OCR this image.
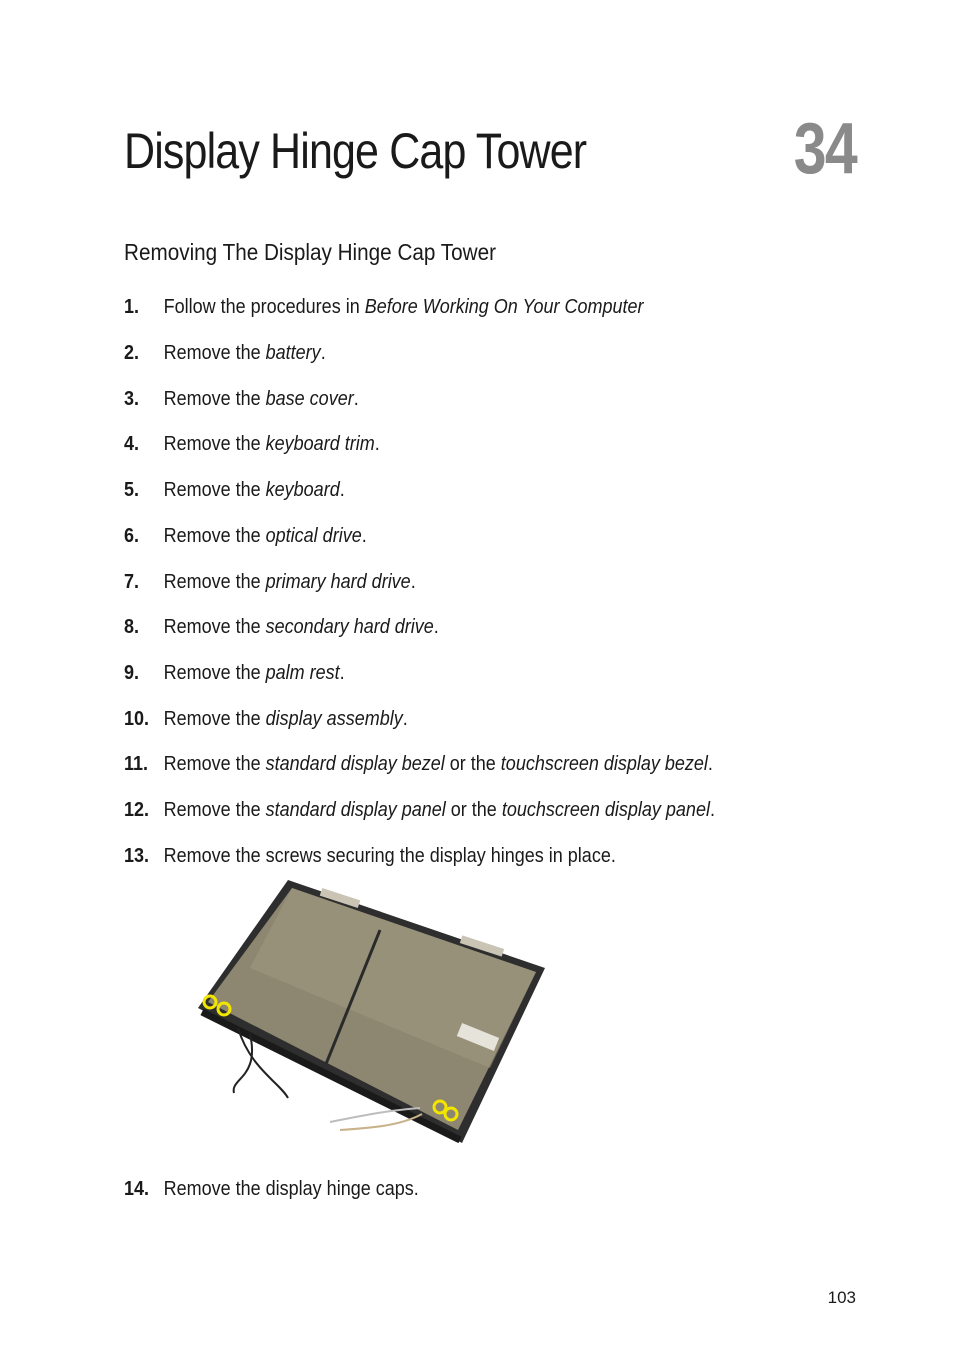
Display Hinge Cap Tower	34
Removing The Display Hinge Cap Tower
1. Follow the procedures in Before Working On Your Computer
2. Remove the battery.
3. Remove the base cover.
4. Remove the keyboard trim.
5. Remove the keyboard.
6. Remove the optical drive.
7. Remove the primary hard drive.
8. Remove the secondary hard drive.
9. Remove the palm rest.
10. Remove the display assembly.
11. Remove the standard display bezel or the touchscreen display bezel.
12. Remove the standard display panel or the touchscreen display panel.
13. Remove the screws securing the display hinges in place.
14. Remove the display hinge caps.
103
